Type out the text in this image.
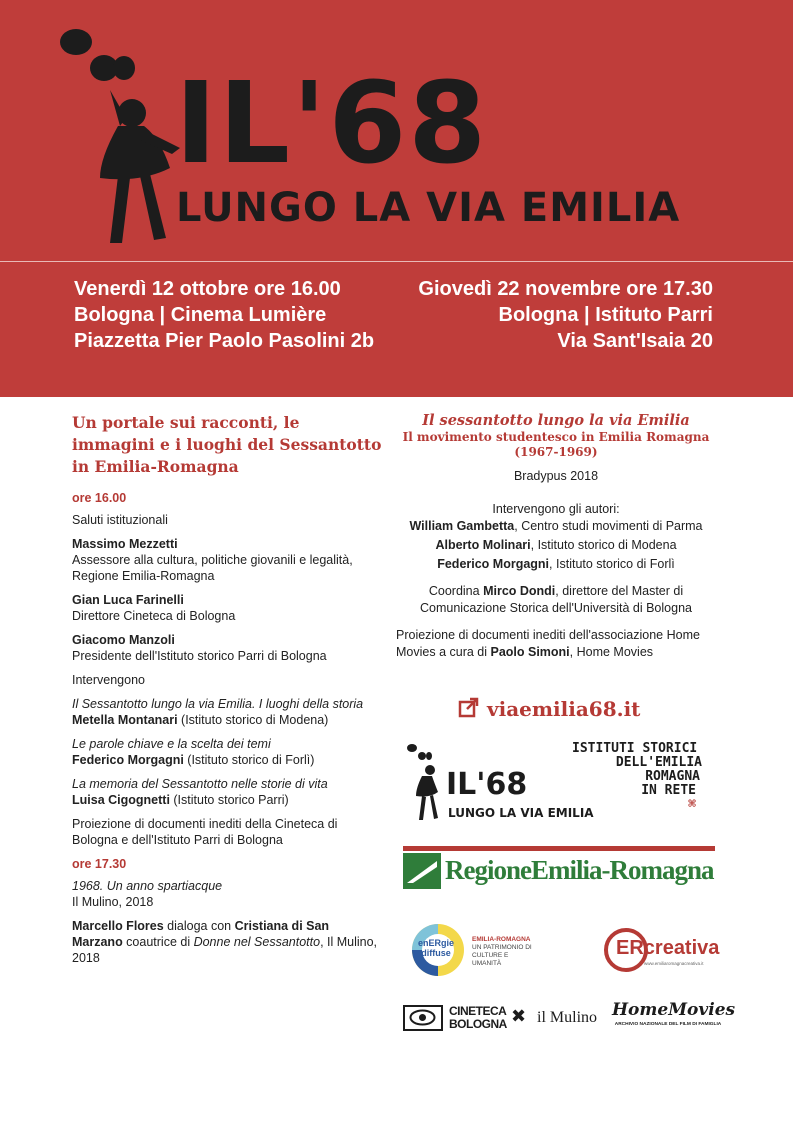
IL'68
LUNGO LA VIA EMILIA
Venerdì 12 ottobre ore 16.00
Bologna | Cinema Lumière
Piazzetta Pier Paolo Pasolini 2b
Giovedì 22 novembre ore 17.30
Bologna | Istituto Parri
Via Sant'Isaia 20
Un portale sui racconti, le immagini e i luoghi del Sessantotto in Emilia-Romagna
ore 16.00
Saluti istituzionali
Massimo Mezzetti
Assessore alla cultura, politiche giovanili e legalità, Regione Emilia-Romagna
Gian Luca Farinelli
Direttore Cineteca di Bologna
Giacomo Manzoli
Presidente dell'Istituto storico Parri di Bologna
Intervengono
Il Sessantotto lungo la via Emilia. I luoghi della storia
Metella Montanari (Istituto storico di Modena)
Le parole chiave e la scelta dei temi
Federico Morgagni (Istituto storico di Forlì)
La memoria del Sessantotto nelle storie di vita
Luisa Cigognetti (Istituto storico Parri)
Proiezione di documenti inediti della Cineteca di Bologna e dell'Istituto Parri di Bologna
ore 17.30
1968. Un anno spartiacque
Il Mulino, 2018
Marcello Flores dialoga con Cristiana di San Marzano coautrice di Donne nel Sessantotto, Il Mulino, 2018
Il sessantotto lungo la via Emilia
Il movimento studentesco in Emilia Romagna
(1967-1969)
Bradypus 2018
Intervengono gli autori:
William Gambetta, Centro studi movimenti di Parma
Alberto Molinari, Istituto storico di Modena
Federico Morgagni, Istituto storico di Forlì
Coordina Mirco Dondi, direttore del Master di Comunicazione Storica dell'Università di Bologna
Proiezione di documenti inediti dell'associazione Home Movies a cura di Paolo Simoni, Home Movies
viaemilia68.it
IL'68
LUNGO LA VIA EMILIA
ISTITUTI STORICI
DELL'EMILIA
ROMAGNA
IN RETE
⌘
RegioneEmilia-Romagna
enERgie
diffuse
EMILIA-ROMAGNA
UN PATRIMONIO DI
CULTURE E UMANITÀ
ERcreativa
www.emiliaromagnacreativa.it
CINETECA
BOLOGNA ✖ il Mulino HomeMovies
ARCHIVIO NAZIONALE DEL FILM DI FAMIGLIA
